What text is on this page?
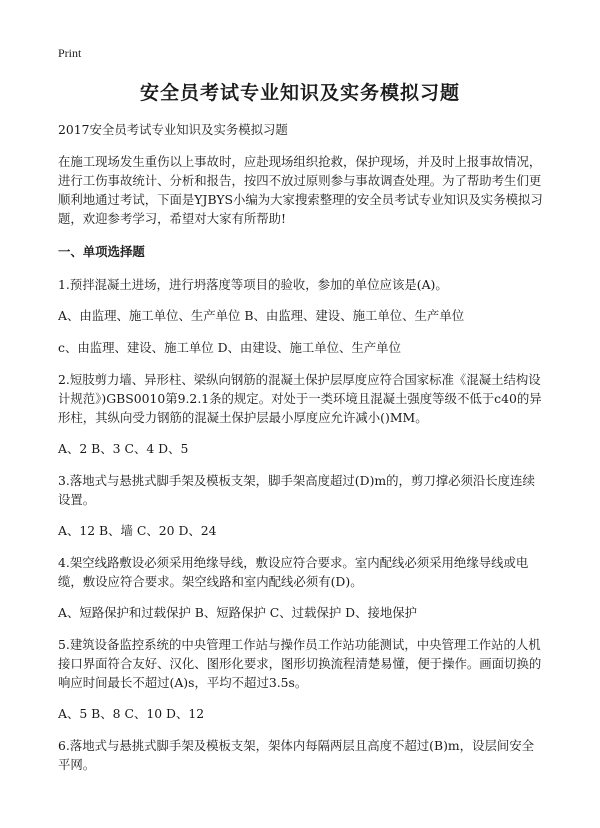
Print
安全员考试专业知识及实务模拟习题

2017安全员考试专业知识及实务模拟习题

在施工现场发生重伤以上事故时，应赴现场组织抢救，保护现场，并及时上报事故情况，进行工伤事故统计、分析和报告，按四不放过原则参与事故调查处理。为了帮助考生们更顺利地通过考试，下面是YJBYS小编为大家搜索整理的安全员考试专业知识及实务模拟习题，欢迎参考学习，希望对大家有所帮助!

一、单项选择题

1.预拌混凝土进场，进行坍落度等项目的验收，参加的单位应该是(A)。

A、由监理、施工单位、生产单位 B、由监理、建设、施工单位、生产单位

c、由监理、建设、施工单位 D、由建设、施工单位、生产单位

2.短肢剪力墙、异形柱、梁纵向钢筋的混凝土保护层厚度应符合国家标准《混凝土结构设计规范》)GBS0010第9.2.1条的规定。对处于一类环境且混凝土强度等级不低于c40的异形柱，其纵向受力钢筋的混凝土保护层最小厚度应允许减小()MM。

A、2 B、3 C、4 D、5

3.落地式与悬挑式脚手架及模板支架，脚手架高度超过(D)m的，剪刀撑必须沿长度连续设置。

A、12 B、墙 C、20 D、24

4.架空线路敷设必须采用绝缘导线，敷设应符合要求。室内配线必须采用绝缘导线或电缆，敷设应符合要求。架空线路和室内配线必须有(D)。

A、短路保护和过载保护 B、短路保护 C、过载保护 D、接地保护

5.建筑设备监控系统的中央管理工作站与操作员工作站功能测试，中央管理工作站的人机接口界面符合友好、汉化、图形化要求，图形切换流程清楚易懂，便于操作。画面切换的响应时间最长不超过(A)s，平均不超过3.5s。

A、5 B、8 C、10 D、12

6.落地式与悬挑式脚手架及模板支架，架体内每隔两层且高度不超过(B)m，设层间安全平网。
